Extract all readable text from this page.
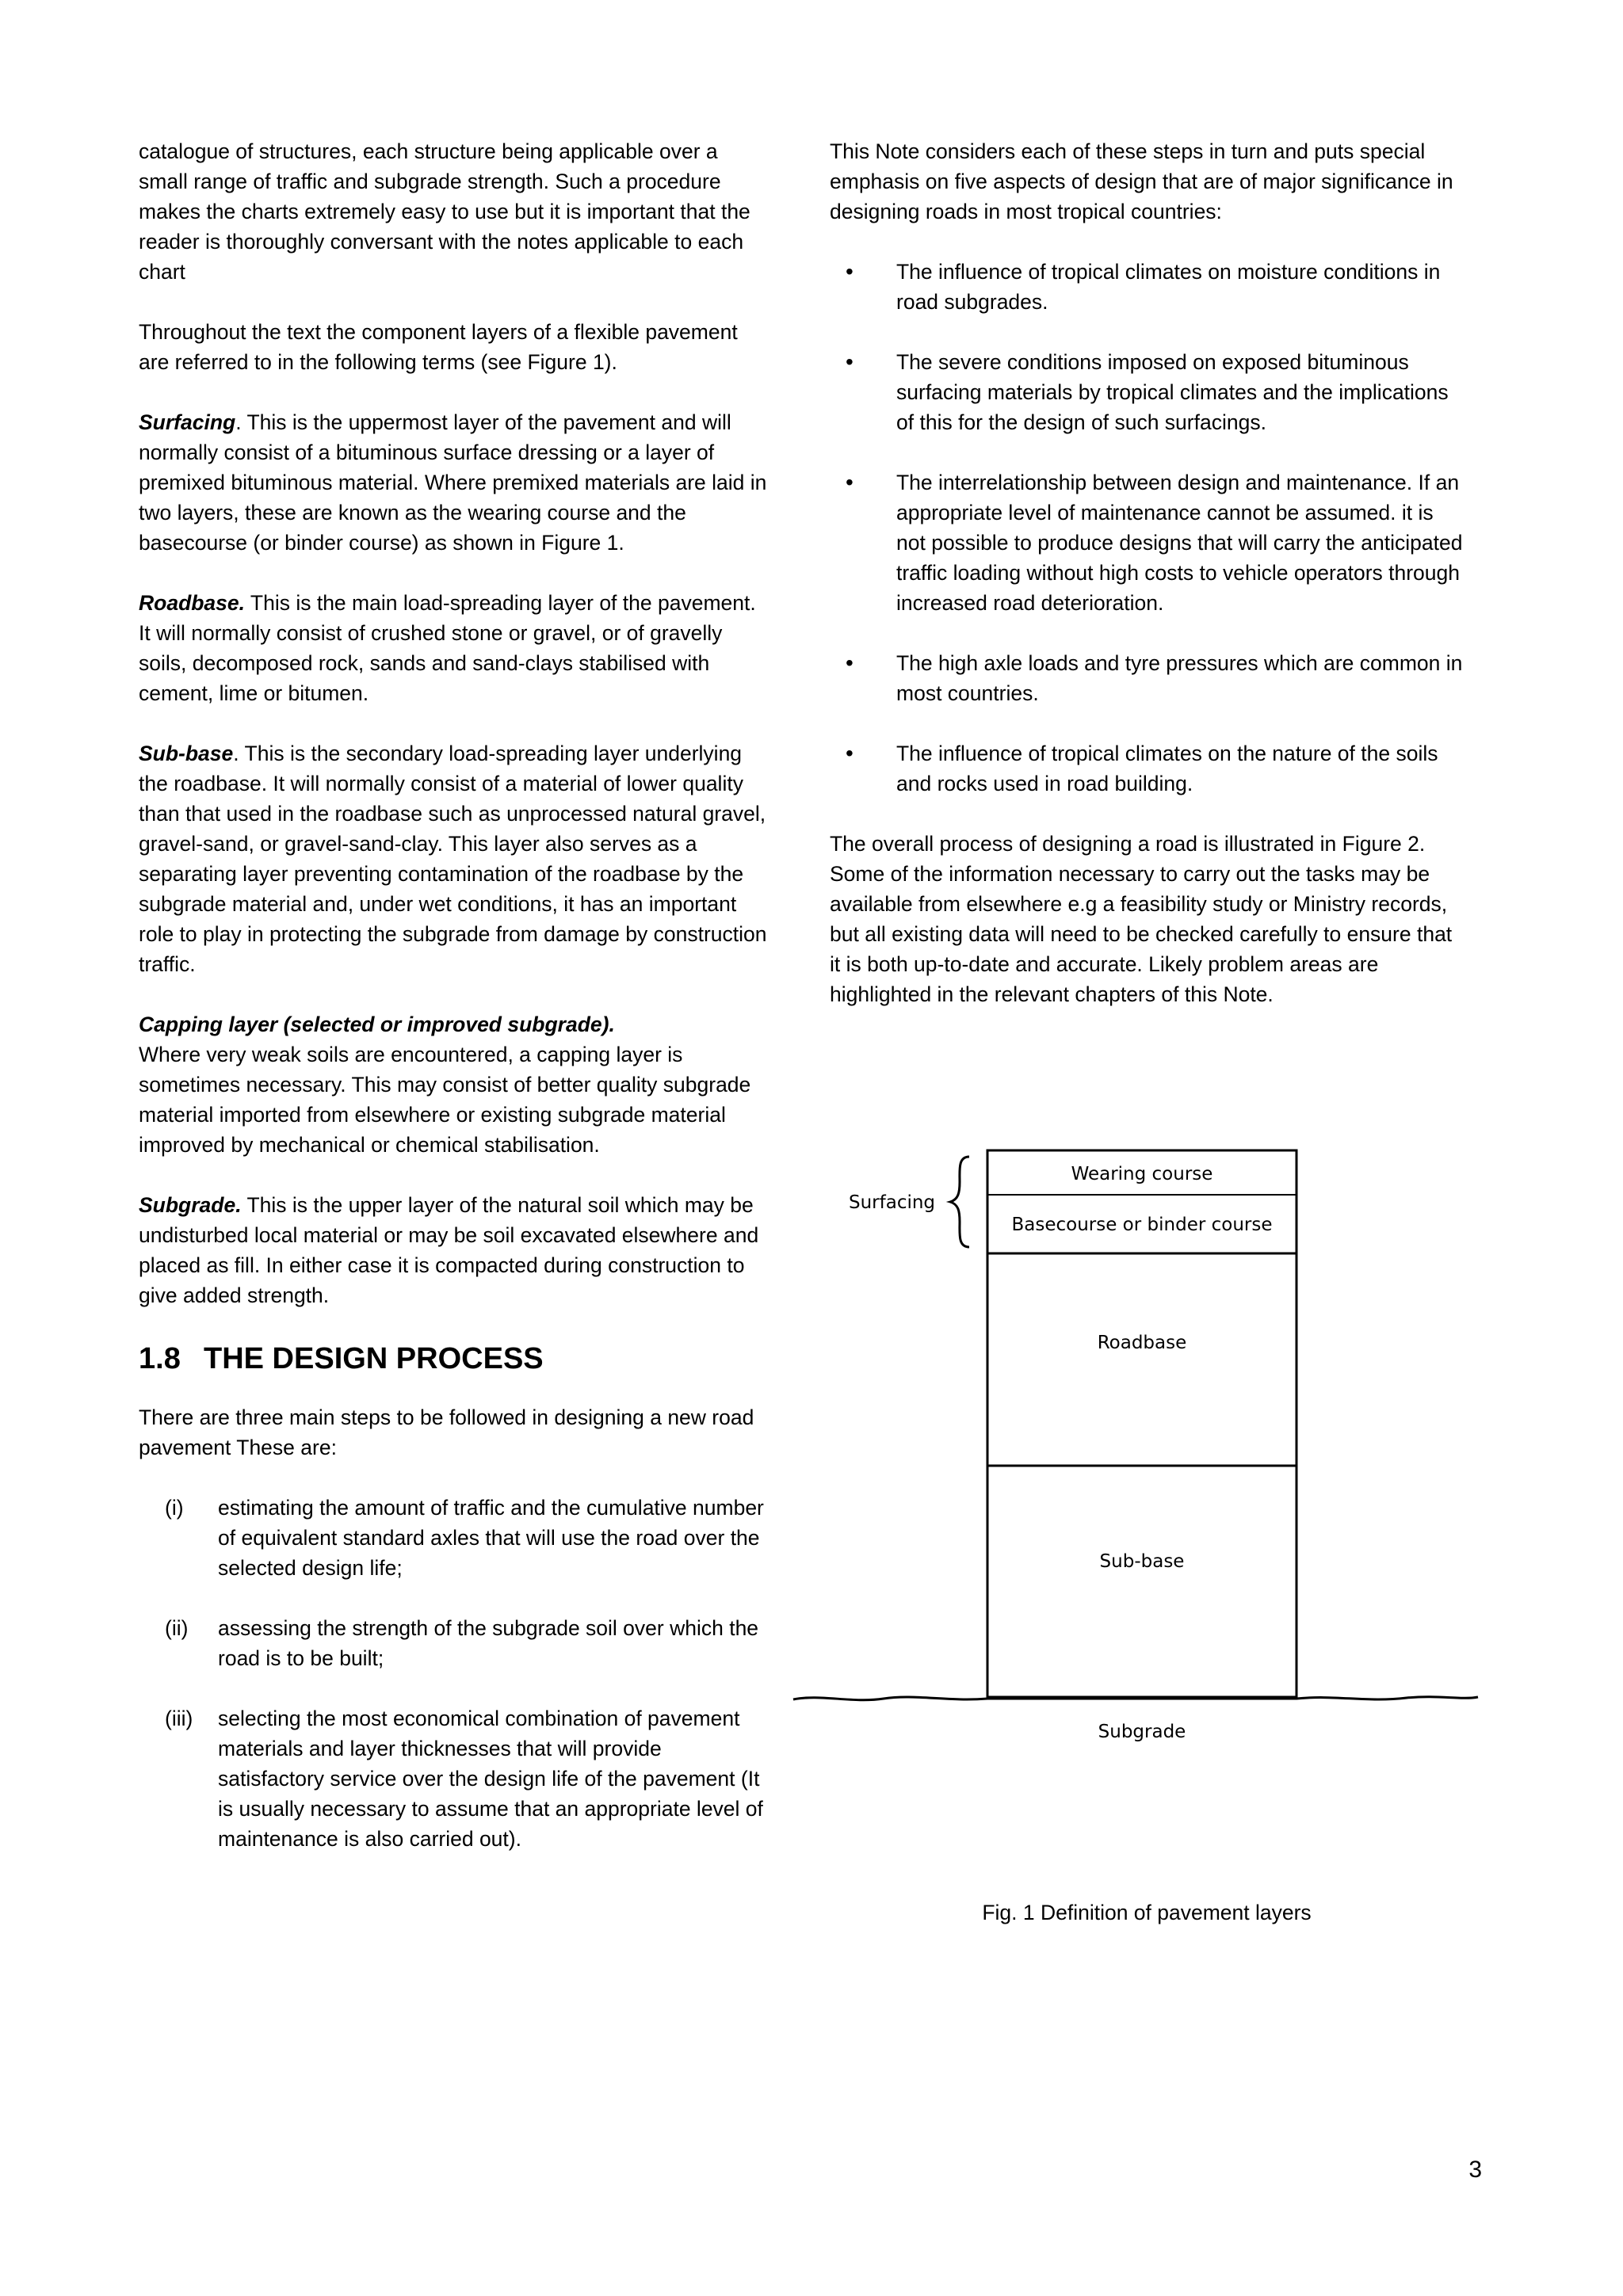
catalogue of structures, each structure being applicable over a small range of traffic and subgrade strength. Such a procedure makes the charts extremely easy to use but it is important that the reader is thoroughly conversant with the notes applicable to each chart

Throughout the text the component layers of a flexible pavement are referred to in the following terms (see Figure 1).

Surfacing. This is the uppermost layer of the pavement and will normally consist of a bituminous surface dressing or a layer of premixed bituminous material. Where premixed materials are laid in two layers, these are known as the wearing course and the basecourse (or binder course) as shown in Figure 1.

Roadbase. This is the main load-spreading layer of the pavement. It will normally consist of crushed stone or gravel, or of gravelly soils, decomposed rock, sands and sand-clays stabilised with cement, lime or bitumen.

Sub-base. This is the secondary load-spreading layer underlying the roadbase. It will normally consist of a material of lower quality than that used in the roadbase such as unprocessed natural gravel, gravel-sand, or gravel-sand-clay. This layer also serves as a separating layer preventing contamination of the roadbase by the subgrade material and, under wet conditions, it has an important role to play in protecting the subgrade from damage by construction traffic.

Capping layer (selected or improved subgrade).
Where very weak soils are encountered, a capping layer is sometimes necessary. This may consist of better quality subgrade material imported from elsewhere or existing subgrade material improved by mechanical or chemical stabilisation.

Subgrade. This is the upper layer of the natural soil which may be undisturbed local material or may be soil excavated elsewhere and placed as fill. In either case it is compacted during construction to give added strength.

1.8 THE DESIGN PROCESS

There are three main steps to be followed in designing a new road pavement These are:

(i)	estimating the amount of traffic and the cumulative number of equivalent standard axles that will use the road over the selected design life;
(ii)	assessing the strength of the subgrade soil over which the road is to be built;
(iii)	selecting the most economical combination of pavement materials and layer thicknesses that will provide satisfactory service over the design life of the pavement (It is usually necessary to assume that an appropriate level of maintenance is also carried out).

This Note considers each of these steps in turn and puts special emphasis on five aspects of design that are of major significance in designing roads in most tropical countries:

•	The influence of tropical climates on moisture conditions in road subgrades.
•	The severe conditions imposed on exposed bituminous surfacing materials by tropical climates and the implications of this for the design of such surfacings.
•	The interrelationship between design and maintenance. If an appropriate level of maintenance cannot be assumed. it is not possible to produce designs that will carry the anticipated traffic loading without high costs to vehicle operators through increased road deterioration.
•	The high axle loads and tyre pressures which are common in most countries.
•	The influence of tropical climates on the nature of the soils and rocks used in road building.

The overall process of designing a road is illustrated in Figure 2. Some of the information necessary to carry out the tasks may be available from elsewhere e.g a feasibility study or Ministry records, but all existing data will need to be checked carefully to ensure that it is both up-to-date and accurate. Likely problem areas are highlighted in the relevant chapters of this Note.

Surfacing
Wearing course
Basecourse or binder course
Roadbase
Sub-base
Subgrade
Fig. 1 Definition of pavement layers
3
